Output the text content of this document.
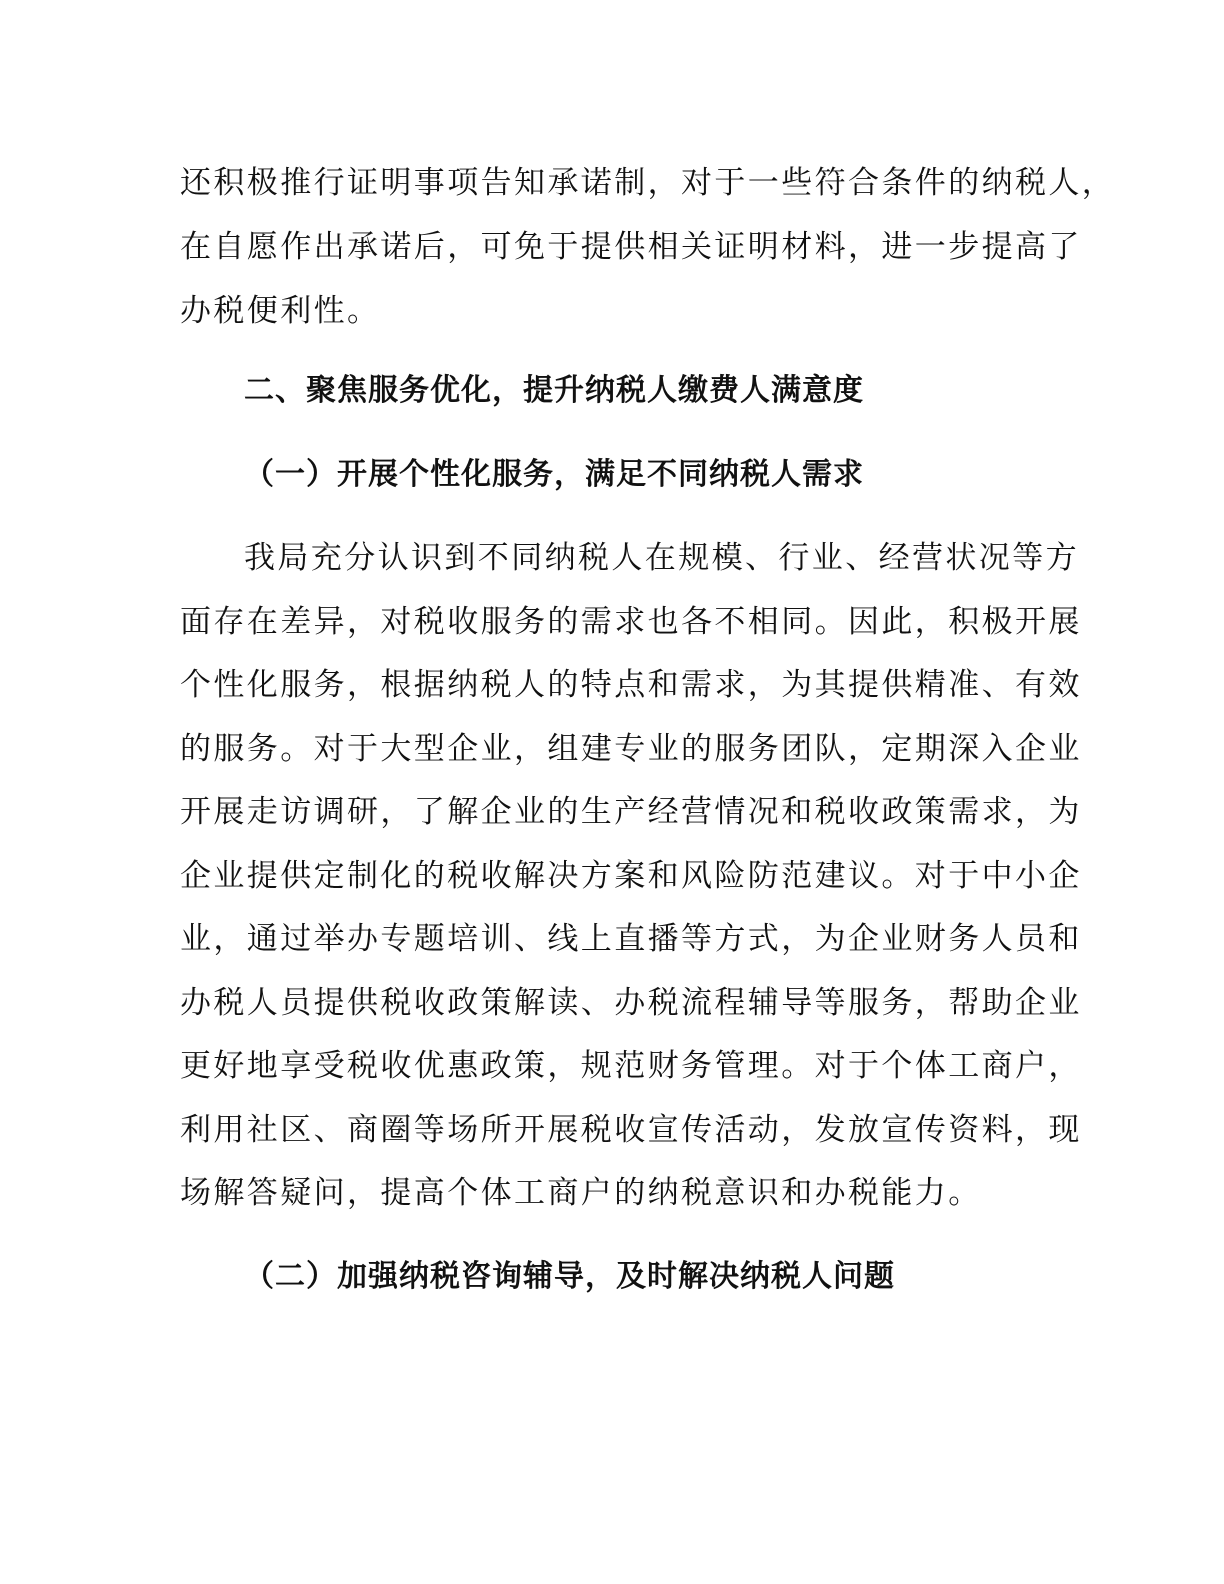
还积极推行证明事项告知承诺制，对于一些符合条件的纳税人，
在自愿作出承诺后，可免于提供相关证明材料，进一步提高了
办税便利性。
二、聚焦服务优化，提升纳税人缴费人满意度
（一）开展个性化服务，满足不同纳税人需求
我局充分认识到不同纳税人在规模、行业、经营状况等方
面存在差异，对税收服务的需求也各不相同。因此，积极开展
个性化服务，根据纳税人的特点和需求，为其提供精准、有效
的服务。对于大型企业，组建专业的服务团队，定期深入企业
开展走访调研，了解企业的生产经营情况和税收政策需求，为
企业提供定制化的税收解决方案和风险防范建议。对于中小企
业，通过举办专题培训、线上直播等方式，为企业财务人员和
办税人员提供税收政策解读、办税流程辅导等服务，帮助企业
更好地享受税收优惠政策，规范财务管理。对于个体工商户，
利用社区、商圈等场所开展税收宣传活动，发放宣传资料，现
场解答疑问，提高个体工商户的纳税意识和办税能力。
（二）加强纳税咨询辅导，及时解决纳税人问题
